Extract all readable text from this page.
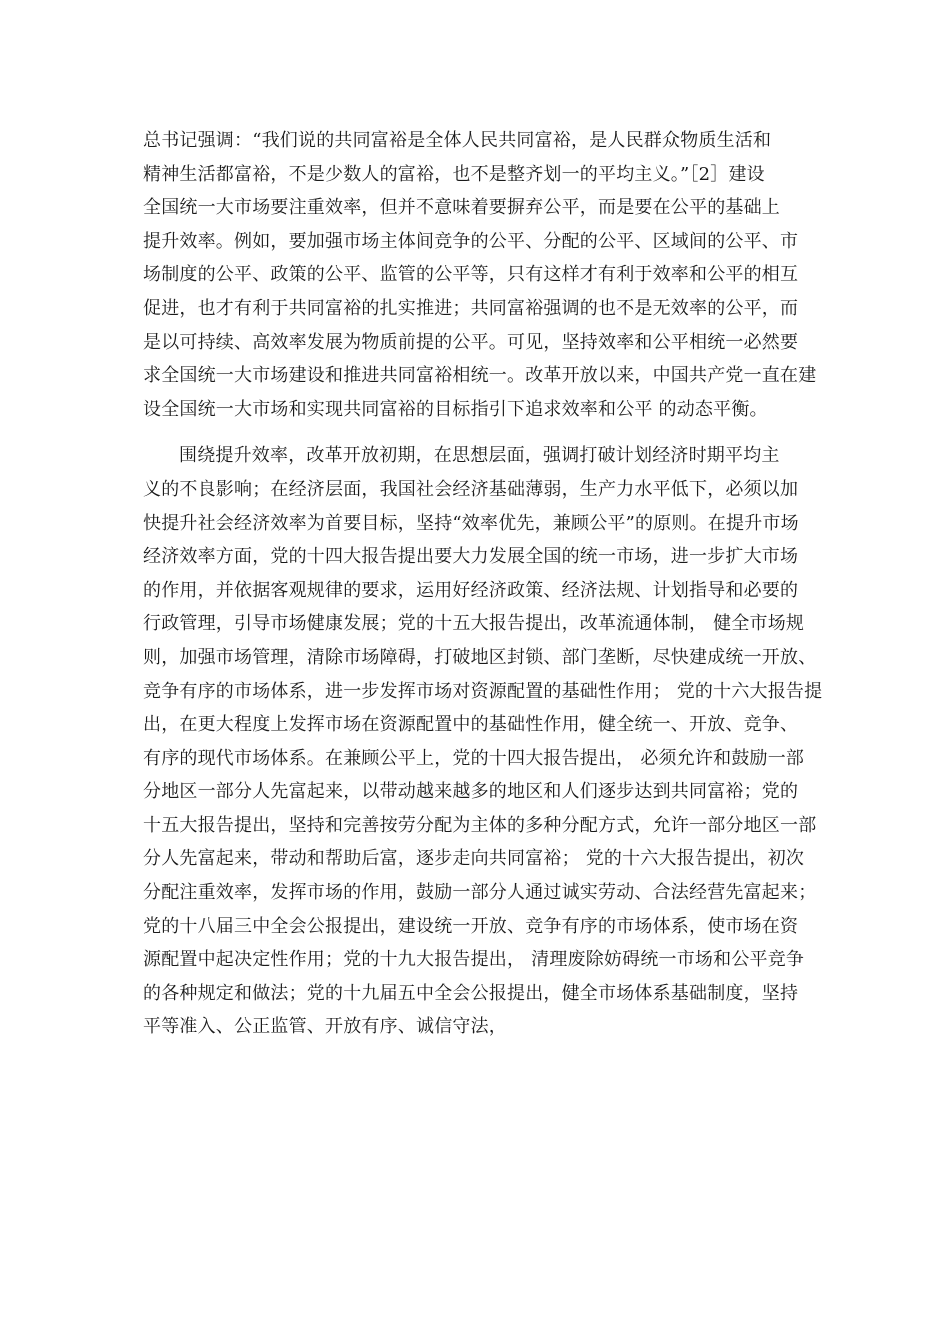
总书记强调：“我们说的共同富裕是全体人民共同富裕，是人民群众物质生活和
精神生活都富裕，不是少数人的富裕，也不是整齐划一的平均主义。”［2］建设
全国统一大市场要注重效率，但并不意味着要摒弃公平，而是要在公平的基础上
提升效率。例如，要加强市场主体间竞争的公平、分配的公平、区域间的公平、市
场制度的公平、政策的公平、监管的公平等，只有这样才有利于效率和公平的相互
促进，也才有利于共同富裕的扎实推进；共同富裕强调的也不是无效率的公平，而
是以可持续、高效率发展为物质前提的公平。可见，坚持效率和公平相统一必然要
求全国统一大市场建设和推进共同富裕相统一。改革开放以来，中国共产党一直在建
设全国统一大市场和实现共同富裕的目标指引下追求效率和公平 的动态平衡。
围绕提升效率，改革开放初期，在思想层面，强调打破计划经济时期平均主
义的不良影响；在经济层面，我国社会经济基础薄弱，生产力水平低下，必须以加
快提升社会经济效率为首要目标，坚持“效率优先，兼顾公平”的原则。在提升市场
经济效率方面，党的十四大报告提出要大力发展全国的统一市场，进一步扩大市场
的作用，并依据客观规律的要求，运用好经济政策、经济法规、计划指导和必要的
行政管理，引导市场健康发展；党的十五大报告提出，改革流通体制， 健全市场规
则，加强市场管理，清除市场障碍，打破地区封锁、部门垄断，尽快建成统一开放、
竞争有序的市场体系，进一步发挥市场对资源配置的基础性作用； 党的十六大报告提
出，在更大程度上发挥市场在资源配置中的基础性作用，健全统一、开放、竞争、
有序的现代市场体系。在兼顾公平上，党的十四大报告提出， 必须允许和鼓励一部
分地区一部分人先富起来，以带动越来越多的地区和人们逐步达到共同富裕；党的
十五大报告提出，坚持和完善按劳分配为主体的多种分配方式，允许一部分地区一部
分人先富起来，带动和帮助后富，逐步走向共同富裕； 党的十六大报告提出，初次
分配注重效率，发挥市场的作用，鼓励一部分人通过诚实劳动、合法经营先富起来；
党的十八届三中全会公报提出，建设统一开放、竞争有序的市场体系，使市场在资
源配置中起决定性作用；党的十九大报告提出， 清理废除妨碍统一市场和公平竞争
的各种规定和做法；党的十九届五中全会公报提出，健全市场体系基础制度，坚持
平等准入、公正监管、开放有序、诚信守法，
